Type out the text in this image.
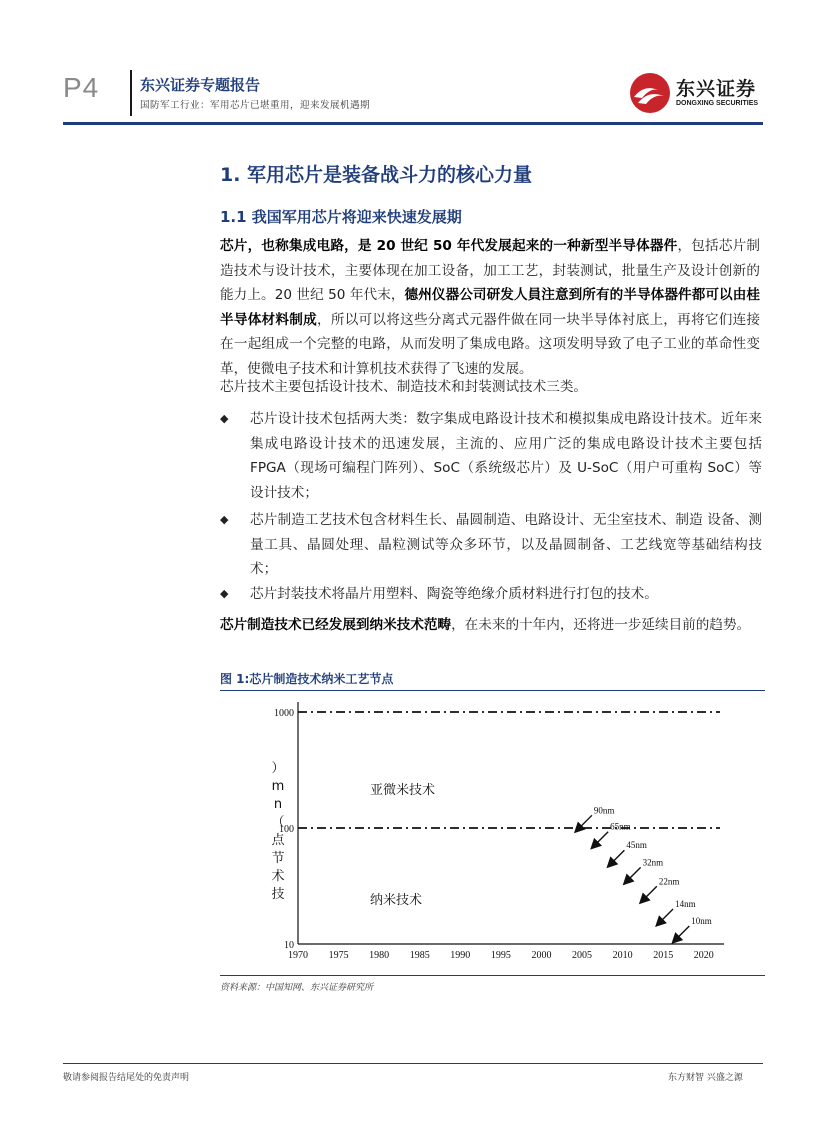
P4	东兴证券专题报告
国防军工行业：军用芯片已堪重用，迎来发展机遇期
东兴证券
DONGXING SECURITIES
1. 军用芯片是装备战斗力的核心力量
1.1 我国军用芯片将迎来快速发展期
芯片，也称集成电路，是 20 世纪 50 年代发展起来的一种新型半导体器件，包括芯片制造技术与设计技术，主要体现在加工设备，加工工艺，封装测试，批量生产及设计创新的能力上。20 世纪 50 年代末，德州仪器公司研发人員注意到所有的半导体器件都可以由桂半导体材料制成，所以可以将这些分离式元器件做在同一块半导体衬底上，再将它们连接在一起组成一个完整的电路，从而发明了集成电路。这项发明导致了电子工业的革命性变革，使微电子技术和计算机技术获得了飞速的发展。
芯片技术主要包括设计技术、制造技术和封装测试技术三类。
◆ 芯片设计技术包括两大类：数字集成电路设计技术和模拟集成电路设计技术。近年来集成电路设计技术的迅速发展，主流的、应用广泛的集成电路设计技术主要包括 FPGA（现场可编程门阵列）、SoC（系统级芯片）及 U-SoC（用户可重构 SoC）等设计技术；
◆ 芯片制造工艺技术包含材料生长、晶圆制造、电路设计、无尘室技术、制造 设备、测量工具、晶圆处理、晶粒测试等众多环节，以及晶圆制备、工艺线宽等基础结构技术；
◆ 芯片封装技术将晶片用塑料、陶瓷等绝缘介质材料进行打包的技术。
芯片制造技术已经发展到纳米技术范畴，在未来的十年内，还将进一步延续目前的趋势。
图 1:芯片制造技术纳米工艺节点
10
100
1000
1970 1975 1980 1985 1990 1995 2000 2005 2010 2015 2020
）
m
n
（
点
节
术
技
亚微米技术
纳米技术
90nm
65nm
45nm
32nm
22nm
14nm
10nm
资料来源：中国知网、东兴证券研究所
敬请参阅报告结尾处的免责声明	东方财智 兴盛之源
